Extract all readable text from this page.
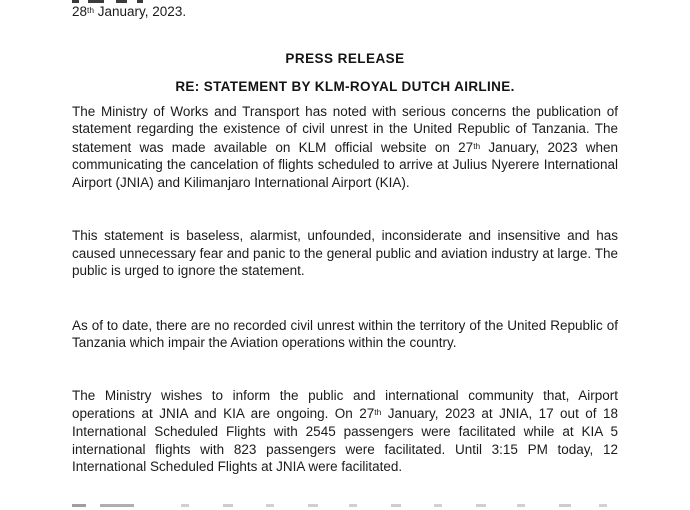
28th January, 2023.

PRESS RELEASE

RE: STATEMENT BY KLM-ROYAL DUTCH AIRLINE.

The Ministry of Works and Transport has noted with serious concerns the publication of statement regarding the existence of civil unrest in the United Republic of Tanzania. The statement was made available on KLM official website on 27th January, 2023 when communicating the cancelation of flights scheduled to arrive at Julius Nyerere International Airport (JNIA) and Kilimanjaro International Airport (KIA).

This statement is baseless, alarmist, unfounded, inconsiderate and insensitive and has caused unnecessary fear and panic to the general public and aviation industry at large. The public is urged to ignore the statement.

As of to date, there are no recorded civil unrest within the territory of the United Republic of Tanzania which impair the Aviation operations within the country.

The Ministry wishes to inform the public and international community that, Airport operations at JNIA and KIA are ongoing. On 27th January, 2023 at JNIA, 17 out of 18 International Scheduled Flights with 2545 passengers were facilitated while at KIA 5 international flights with 823 passengers were facilitated. Until 3:15 PM today, 12 International Scheduled Flights at JNIA were facilitated.
